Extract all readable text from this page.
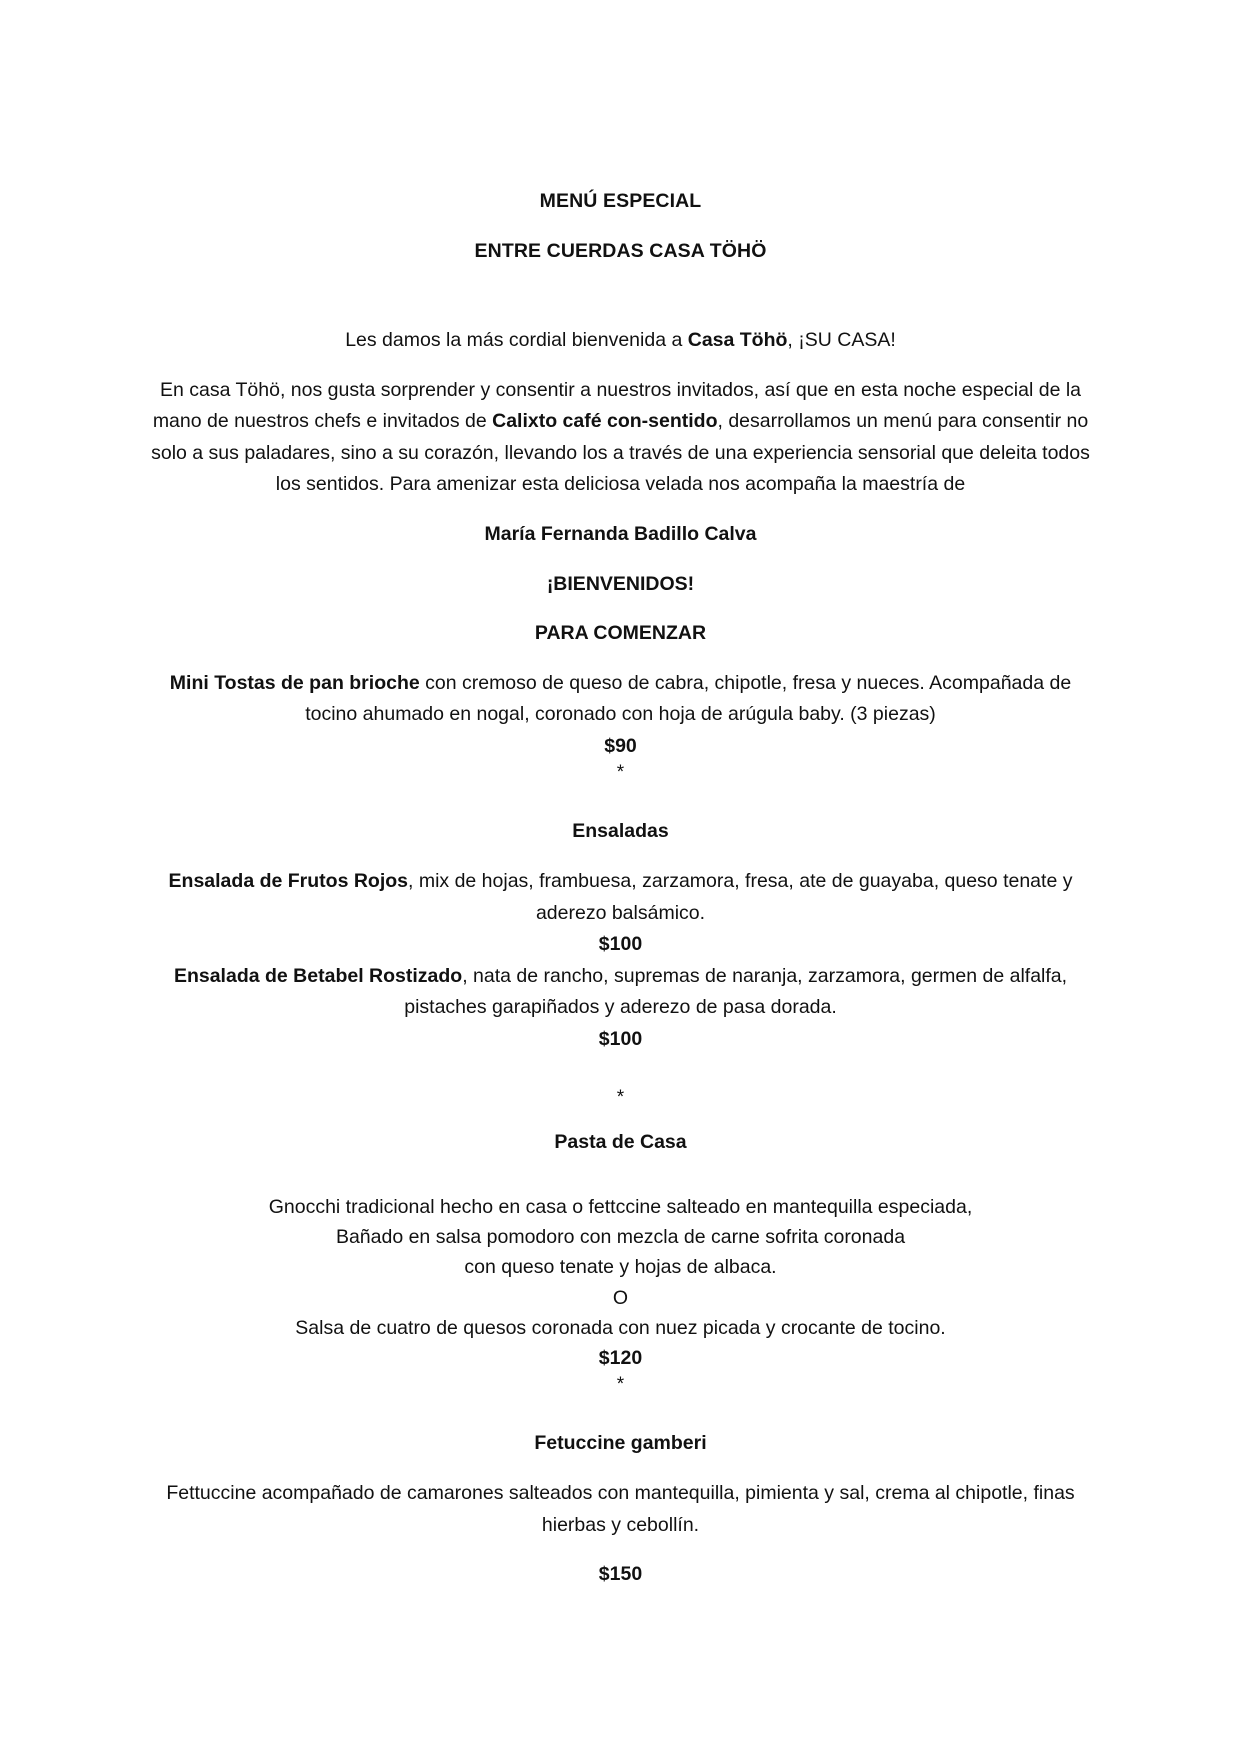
MENÚ ESPECIAL

ENTRE CUERDAS CASA TÖHÖ

Les damos la más cordial bienvenida a Casa Töhö, ¡SU CASA!

En casa Töhö, nos gusta sorprender y consentir a nuestros invitados, así que en esta noche especial de la mano de nuestros chefs e invitados de Calixto café con-sentido, desarrollamos un menú para consentir no solo a sus paladares, sino a su corazón, llevando los a través de una experiencia sensorial que deleita todos los sentidos. Para amenizar esta deliciosa velada nos acompaña la maestría de

María Fernanda Badillo Calva

¡BIENVENIDOS!

PARA COMENZAR

Mini Tostas de pan brioche con cremoso de queso de cabra, chipotle, fresa y nueces. Acompañada de tocino ahumado en nogal, coronado con hoja de arúgula baby. (3 piezas)

$90

*

Ensaladas

Ensalada de Frutos Rojos, mix de hojas, frambuesa, zarzamora, fresa, ate de guayaba, queso tenate y aderezo balsámico.

$100

Ensalada de Betabel Rostizado, nata de rancho, supremas de naranja, zarzamora, germen de alfalfa, pistaches garapiñados y aderezo de pasa dorada.

$100

*

Pasta de Casa

Gnocchi tradicional hecho en casa o fettccine salteado en mantequilla especiada,

Bañado en salsa pomodoro con mezcla de carne sofrita coronada

con queso tenate y hojas de albaca.

O

Salsa de cuatro de quesos coronada con nuez picada y crocante de tocino.

$120

*

Fetuccine gamberi

Fettuccine acompañado de camarones salteados con mantequilla, pimienta y sal, crema al chipotle, finas hierbas y cebollín.

$150
